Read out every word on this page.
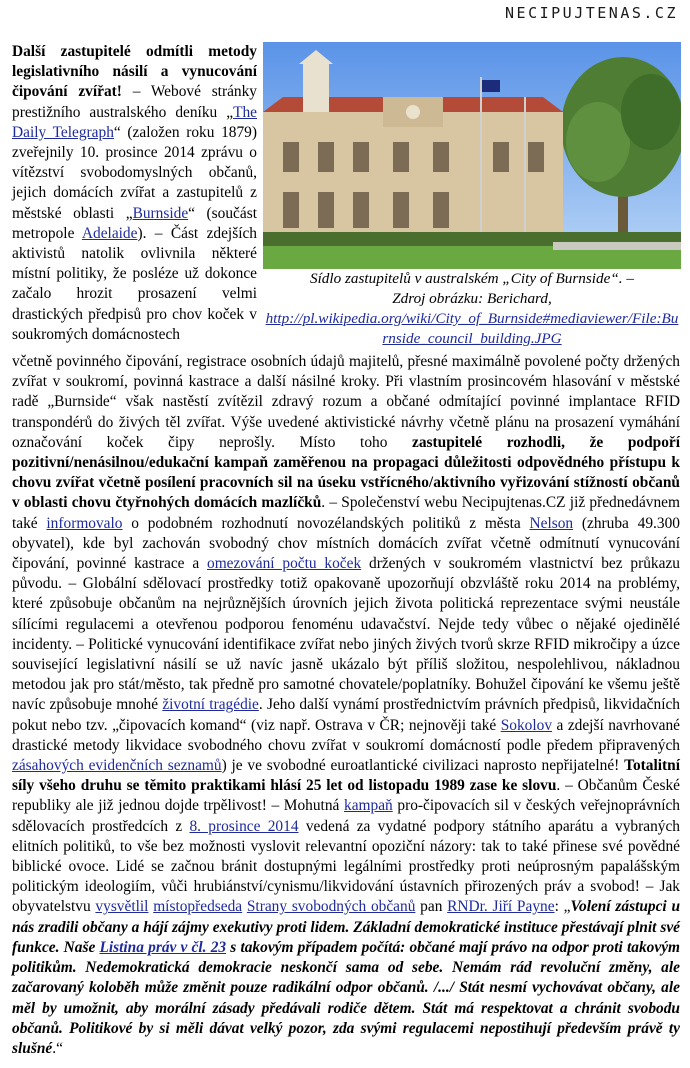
NECIPUJTENAS.CZ
Sídlo zastupitelů v australském „City of Burnside“. –
Zdroj obrázku: Berichard,
http://pl.wikipedia.org/wiki/City_of_Burnside#mediaviewer/File:Burnside_council_building.JPG
Další zastupitelé odmítli metody legislativního násilí a vynucování čipování zvířat! – Webové stránky prestižního australského deníku „The Daily Telegraph“ (založen roku 1879) zveřejnily 10. prosince 2014 zprávu o vítězství svobodomyslných občanů, jejich domácích zvířat a zastupitelů z městské oblasti „Burnside“ (součást metropole Adelaide). – Část zdejších aktivistů natolik ovlivnila některé místní politiky, že posléze už dokonce začalo hrozit prosazení velmi drastických předpisů pro chov koček v soukromých domácnostech
včetně povinného čipování, registrace osobních údajů majitelů, přesné maximálně povolené počty držených zvířat v soukromí, povinná kastrace a další násilné kroky. Při vlastním prosincovém hlasování v městské radě „Burnside“ však nastěstí zvítězil zdravý rozum a občané odmítající povinné implantace RFID transpondérů do živých těl zvířat. Výše uvedené aktivistické návrhy včetně plánu na prosazení vymáhání označování koček čipy neprošly. Místo toho zastupitelé rozhodli, že podpoří pozitivní/nenásilnou/edukační kampaň zaměřenou na propagaci důležitosti odpovědného přístupu k chovu zvířat včetně posílení pracovních sil na úseku vstřícného/aktivního vyřizování stížností občanů v oblasti chovu čtyřnohých domácích mazlíčků. – Společenství webu Necipujtenas.CZ již přednedávnem také informovalo o podobném rozhodnutí novozélandských politiků z města Nelson (zhruba 49.300 obyvatel), kde byl zachován svobodný chov místních domácích zvířat včetně odmítnutí vynucování čipování, povinné kastrace a omezování počtu koček držených v soukromém vlastnictví bez průkazu původu. – Globální sdělovací prostředky totiž opakovaně upozorňují obzvláště roku 2014 na problémy, které způsobuje občanům na nejrůznějších úrovních jejich života politická reprezentace svými neustále sílícími regulacemi a otevřenou podporou fenoménu udavačství. Nejde tedy vůbec o nějaké ojedinělé incidenty. – Politické vynucování identifikace zvířat nebo jiných živých tvorů skrze RFID mikročipy a úzce související legislativní násilí se už navíc jasně ukázalo být příliš složitou, nespolehlivou, nákladnou metodou jak pro stát/město, tak předně pro samotné chovatele/poplatníky. Bohužel čipování ke všemu ještě navíc způsobuje mnohé životní tragédie. Jeho další vynámí prostřednictvím právních předpisů, likvidačních pokut nebo tzv. „čipovacích komand“ (viz např. Ostrava v ČR; nejnověji také Sokolov a zdejší navrhované drastické metody likvidace svobodného chovu zvířat v soukromí domácností podle předem připravených zásahových evidenčních seznamů) je ve svobodné euroatlantické civilizaci naprosto nepřijatelné! Totalitní síly všeho druhu se těmito praktikami hlásí 25 let od listopadu 1989 zase ke slovu. – Občanům České republiky ale již jednou dojde trpělivost! – Mohutná kampaň pro-čipovacích sil v českých veřejnoprávních sdělovacích prostředcích z 8. prosince 2014 vedená za vydatné podpory státního aparátu a vybraných elitních politiků, to vše bez možnosti vyslovit relevantní opoziční názory: tak to také přinese své povědné biblické ovoce. Lidé se začnou bránit dostupnými legálními prostředky proti neúprosným papalášským politickým ideologiím, vůči hrubiánství/cynismu/likvidování ústavních přirozených práv a svobod! – Jak obyvatelstvu vysvětlil místopředseda Strany svobodných občanů pan RNDr. Jiří Payne: „Volení zástupci u nás zradili občany a hájí zájmy exekutivy proti lidem. Základní demokratické instituce přestávají plnit své funkce. Naše Listina práv v čl. 23 s takovým případem počítá: občané mají právo na odpor proti takovým politikům. Nedemokratická demokracie neskončí sama od sebe. Nemám rád revoluční změny, ale začarovaný koloběh může změnit pouze radikální odpor občanů. /.../ Stát nesmí vychovávat občany, ale měl by umožnit, aby morální zásady předávali rodiče dětem. Stát má respektovat a chránit svobodu občanů. Politikové by si měli dávat velký pozor, zda svými regulacemi nepostihují především právě ty slušné.“
